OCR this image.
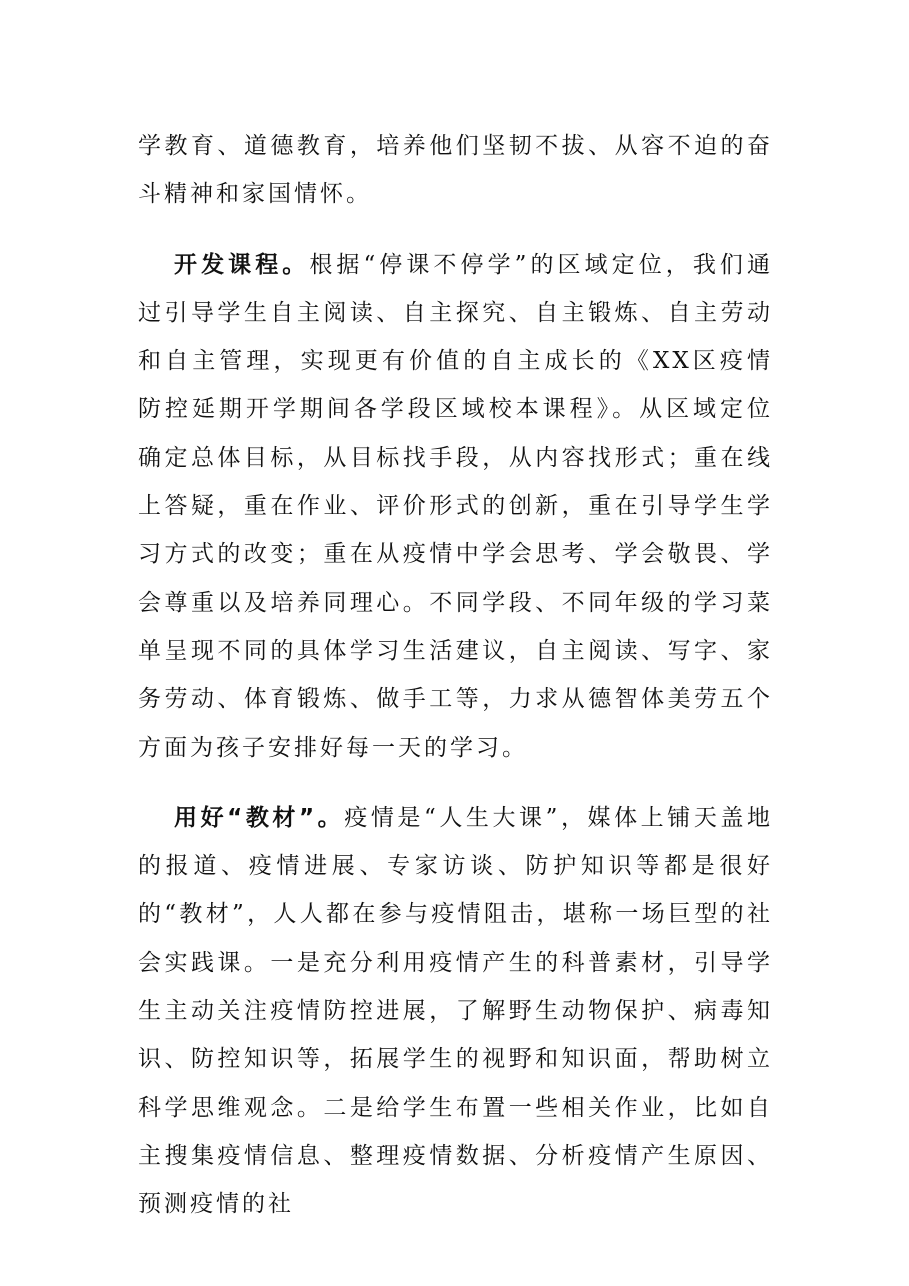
学教育、道德教育，培养他们坚韧不拔、从容不迫的奋斗精神和家国情怀。

开发课程。根据“停课不停学”的区域定位，我们通过引导学生自主阅读、自主探究、自主锻炼、自主劳动和自主管理，实现更有价值的自主成长的《XX区疫情防控延期开学期间各学段区域校本课程》。从区域定位确定总体目标，从目标找手段，从内容找形式；重在线上答疑，重在作业、评价形式的创新，重在引导学生学习方式的改变；重在从疫情中学会思考、学会敬畏、学会尊重以及培养同理心。不同学段、不同年级的学习菜单呈现不同的具体学习生活建议，自主阅读、写字、家务劳动、体育锻炼、做手工等，力求从德智体美劳五个方面为孩子安排好每一天的学习。

用好“教材”。疫情是“人生大课”，媒体上铺天盖地的报道、疫情进展、专家访谈、防护知识等都是很好的“教材”，人人都在参与疫情阻击，堪称一场巨型的社会实践课。一是充分利用疫情产生的科普素材，引导学生主动关注疫情防控进展，了解野生动物保护、病毒知识、防控知识等，拓展学生的视野和知识面，帮助树立科学思维观念。二是给学生布置一些相关作业，比如自主搜集疫情信息、整理疫情数据、分析疫情产生原因、预测疫情的社
